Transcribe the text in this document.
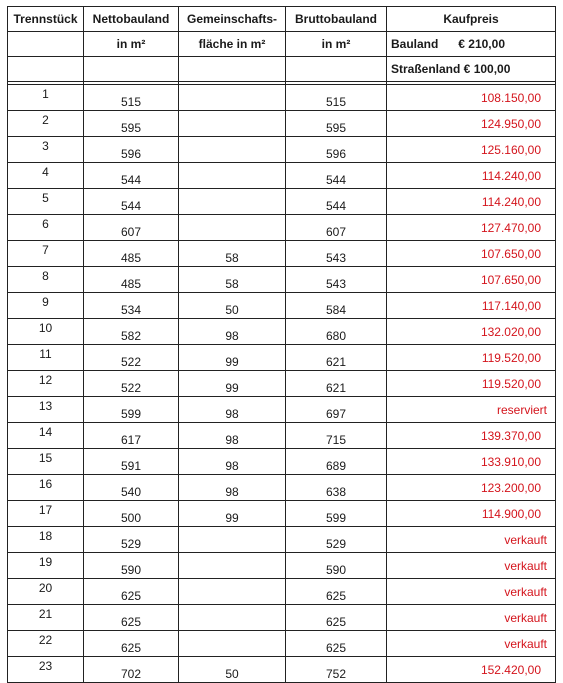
Trennstück	Nettobauland	Gemeinschafts-	Bruttobauland	Kaufpreis
	in m²	fläche in m²	in m²	Bauland € 210,00

				Straßenland € 100,00

1	515		515	108.150,00
2	595		595	124.950,00
3	596		596	125.160,00
4	544		544	114.240,00
5	544		544	114.240,00
6	607		607	127.470,00
7	485	58	543	107.650,00
8	485	58	543	107.650,00
9	534	50	584	117.140,00
10	582	98	680	132.020,00
11	522	99	621	119.520,00
12	522	99	621	119.520,00
13	599	98	697	reserviert
14	617	98	715	139.370,00
15	591	98	689	133.910,00
16	540	98	638	123.200,00
17	500	99	599	114.900,00
18	529		529	verkauft
19	590		590	verkauft
20	625		625	verkauft
21	625		625	verkauft
22	625		625	verkauft
23	702	50	752	152.420,00
